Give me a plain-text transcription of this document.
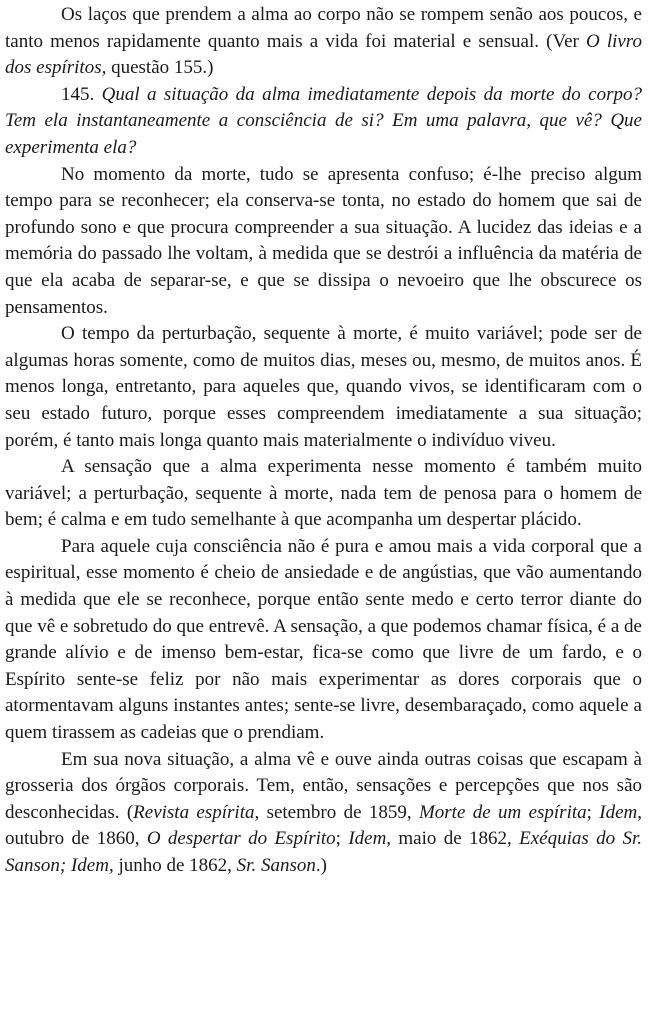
Os laços que prendem a alma ao corpo não se rompem senão aos poucos, e tanto menos rapidamente quanto mais a vida foi material e sensual. (Ver O livro dos espíritos, questão 155.)

145. Qual a situação da alma imediatamente depois da morte do corpo? Tem ela instantaneamente a consciência de si? Em uma palavra, que vê? Que experimenta ela?

No momento da morte, tudo se apresenta confuso; é-lhe preciso algum tempo para se reconhecer; ela conserva-se tonta, no estado do homem que sai de profundo sono e que procura compreender a sua situação. A lucidez das ideias e a memória do passado lhe voltam, à medida que se destrói a influência da matéria de que ela acaba de separar-se, e que se dissipa o nevoeiro que lhe obscurece os pensamentos.

O tempo da perturbação, sequente à morte, é muito variável; pode ser de algumas horas somente, como de muitos dias, meses ou, mesmo, de muitos anos. É menos longa, entretanto, para aqueles que, quando vivos, se identificaram com o seu estado futuro, porque esses compreendem imediatamente a sua situação; porém, é tanto mais longa quanto mais materialmente o indivíduo viveu.

A sensação que a alma experimenta nesse momento é também muito variável; a perturbação, sequente à morte, nada tem de penosa para o homem de bem; é calma e em tudo semelhante à que acompanha um despertar plácido.

Para aquele cuja consciência não é pura e amou mais a vida corporal que a espiritual, esse momento é cheio de ansiedade e de angústias, que vão aumentando à medida que ele se reconhece, porque então sente medo e certo terror diante do que vê e sobretudo do que entrevê. A sensação, a que podemos chamar física, é a de grande alívio e de imenso bem-estar, fica-se como que livre de um fardo, e o Espírito sente-se feliz por não mais experimentar as dores corporais que o atormentavam alguns instantes antes; sente-se livre, desembaraçado, como aquele a quem tirassem as cadeias que o prendiam.

Em sua nova situação, a alma vê e ouve ainda outras coisas que escapam à grosseria dos órgãos corporais. Tem, então, sensações e percepções que nos são desconhecidas. (Revista espírita, setembro de 1859, Morte de um espírita; Idem, outubro de 1860, O despertar do Espírito; Idem, maio de 1862, Exéquias do Sr. Sanson; Idem, junho de 1862, Sr. Sanson.)
